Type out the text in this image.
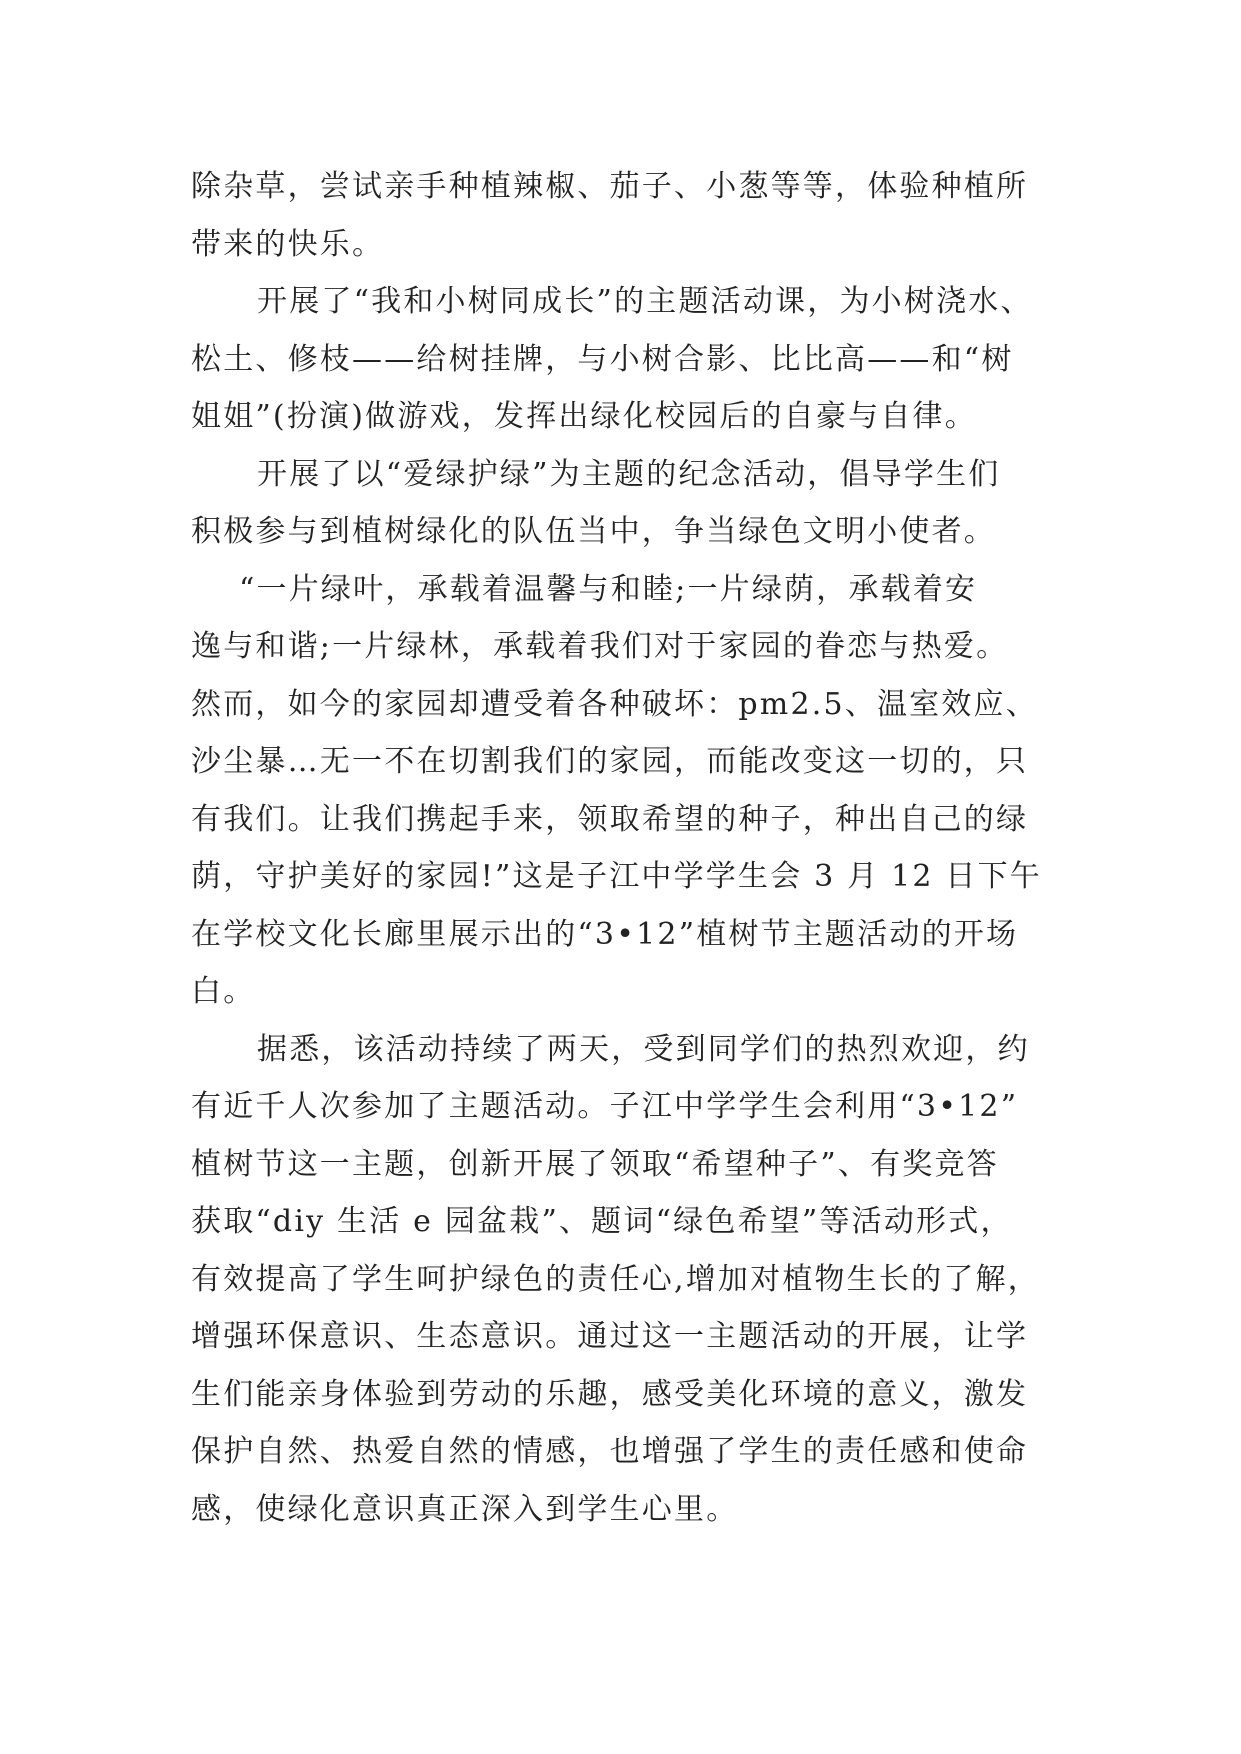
除杂草，尝试亲手种植辣椒、茄子、小葱等等，体验种植所
带来的快乐。
开展了“我和小树同成长”的主题活动课，为小树浇水、
松土、修枝——给树挂牌，与小树合影、比比高——和“树
姐姐”(扮演)做游戏，发挥出绿化校园后的自豪与自律。
开展了以“爱绿护绿”为主题的纪念活动，倡导学生们
积极参与到植树绿化的队伍当中，争当绿色文明小使者。
“一片绿叶，承载着温馨与和睦;一片绿荫，承载着安
逸与和谐;一片绿林，承载着我们对于家园的眷恋与热爱。
然而，如今的家园却遭受着各种破坏：pm2.5、温室效应、
沙尘暴…无一不在切割我们的家园，而能改变这一切的，只
有我们。让我们携起手来，领取希望的种子，种出自己的绿
荫，守护美好的家园!”这是子江中学学生会 3 月 12 日下午
在学校文化长廊里展示出的“3•12”植树节主题活动的开场
白。
据悉，该活动持续了两天，受到同学们的热烈欢迎，约
有近千人次参加了主题活动。子江中学学生会利用“3•12”
植树节这一主题，创新开展了领取“希望种子”、有奖竞答
获取“diy 生活 e 园盆栽”、题词“绿色希望”等活动形式，
有效提高了学生呵护绿色的责任心,增加对植物生长的了解，
增强环保意识、生态意识。通过这一主题活动的开展，让学
生们能亲身体验到劳动的乐趣，感受美化环境的意义，激发
保护自然、热爱自然的情感，也增强了学生的责任感和使命
感，使绿化意识真正深入到学生心里。
